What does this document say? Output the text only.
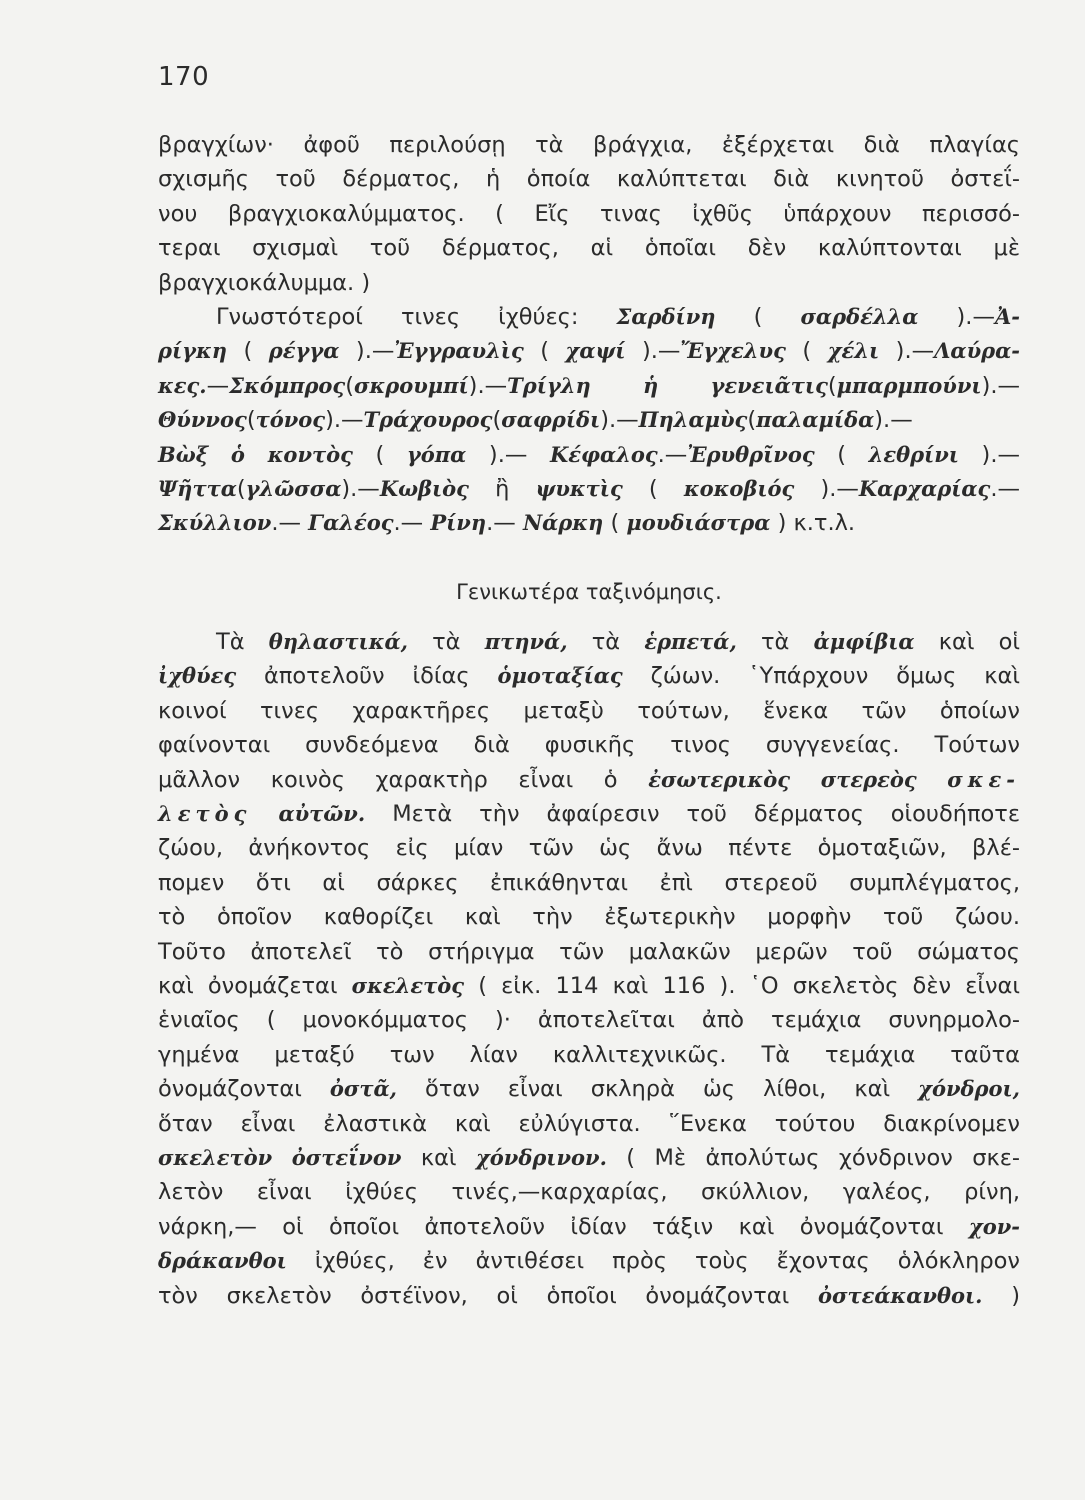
170
βραγχίων· ἀφοῦ περιλούσῃ τὰ βράγχια, ἐξέρχεται διὰ πλαγίας
σχισμῆς τοῦ δέρματος, ἡ ὁποία καλύπτεται διὰ κινητοῦ ὀστεΐ-
νου βραγχιοκαλύμματος. ( Εἴς τινας ἰχθῦς ὑπάρχουν περισσό-
τεραι σχισμαὶ τοῦ δέρματος, αἱ ὁποῖαι δὲν καλύπτονται μὲ
βραγχιοκάλυμμα. )
Γνωστότεροί τινες ἰχθύες: Σαρδίνη ( σαρδέλλα ).—Ἀ-
ρίγκη ( ρέγγα ).—Ἐγγραυλὶς ( χαψί ).—Ἔγχελυς ( χέλι ).—Λαύρα-
κες.—Σκόμπρος(σκρουμπί).—Τρίγλη ἡ γενειᾶτις(μπαρμπούνι).—
Θύννος(τόνος).—Τράχουρος(σαφρίδι).—Πηλαμὺς(παλαμίδα).—
Βὼξ ὁ κοντὸς ( γόπα ).— Κέφαλος.—Ἐρυθρῖνος ( λεθρίνι ).—
Ψῆττα(γλῶσσα).—Κωβιὸς ἢ ψυκτὶς ( κοκοβιός ).—Καρχαρίας.—
Σκύλλιον.— Γαλέος.— Ρίνη.— Νάρκη ( μουδιάστρα ) κ.τ.λ.
Γενικωτέρα ταξινόμησις.
Τὰ θηλαστικά, τὰ πτηνά, τὰ ἑρπετά, τὰ ἀμφίβια καὶ οἱ
ἰχθύες ἀποτελοῦν ἰδίας ὁμοταξίας ζώων. ῾Υπάρχουν ὅμως καὶ
κοινοί τινες χαρακτῆρες μεταξὺ τούτων, ἕνεκα τῶν ὁποίων
φαίνονται συνδεόμενα διὰ φυσικῆς τινος συγγενείας. Τούτων
μᾶλλον κοινὸς χαρακτὴρ εἶναι ὁ ἐσωτερικὸς στερεὸς σκε-
λετὸς αὐτῶν. Μετὰ τὴν ἀφαίρεσιν τοῦ δέρματος οἱουδήποτε
ζώου, ἀνήκοντος εἰς μίαν τῶν ὡς ἄνω πέντε ὁμοταξιῶν, βλέ-
πομεν ὅτι αἱ σάρκες ἐπικάθηνται ἐπὶ στερεοῦ συμπλέγματος,
τὸ ὁποῖον καθορίζει καὶ τὴν ἐξωτερικὴν μορφὴν τοῦ ζώου.
Τοῦτο ἀποτελεῖ τὸ στήριγμα τῶν μαλακῶν μερῶν τοῦ σώματος
καὶ ὀνομάζεται σκελετὸς ( εἰκ. 114 καὶ 116 ). ῾Ο σκελετὸς δὲν εἶναι
ἑνιαῖος ( μονοκόμματος )· ἀποτελεῖται ἀπὸ τεμάχια συνηρμολο-
γημένα μεταξύ των λίαν καλλιτεχνικῶς. Τὰ τεμάχια ταῦτα
ὀνομάζονται ὀστᾶ, ὅταν εἶναι σκληρὰ ὡς λίθοι, καὶ χόνδροι,
ὅταν εἶναι ἐλαστικὰ καὶ εὐλύγιστα. ῞Ενεκα τούτου διακρίνομεν
σκελετὸν ὀστεΐνον καὶ χόνδρινον. ( Μὲ ἀπολύτως χόνδρινον σκε-
λετὸν εἶναι ἰχθύες τινές,—καρχαρίας, σκύλλιον, γαλέος, ρίνη,
νάρκη,— οἱ ὁποῖοι ἀποτελοῦν ἰδίαν τάξιν καὶ ὀνομάζονται χον-
δράκανθοι ἰχθύες, ἐν ἀντιθέσει πρὸς τοὺς ἔχοντας ὁλόκληρον
τὸν σκελετὸν ὀστέϊνον, οἱ ὁποῖοι ὀνομάζονται ὀστεάκανθοι. )
